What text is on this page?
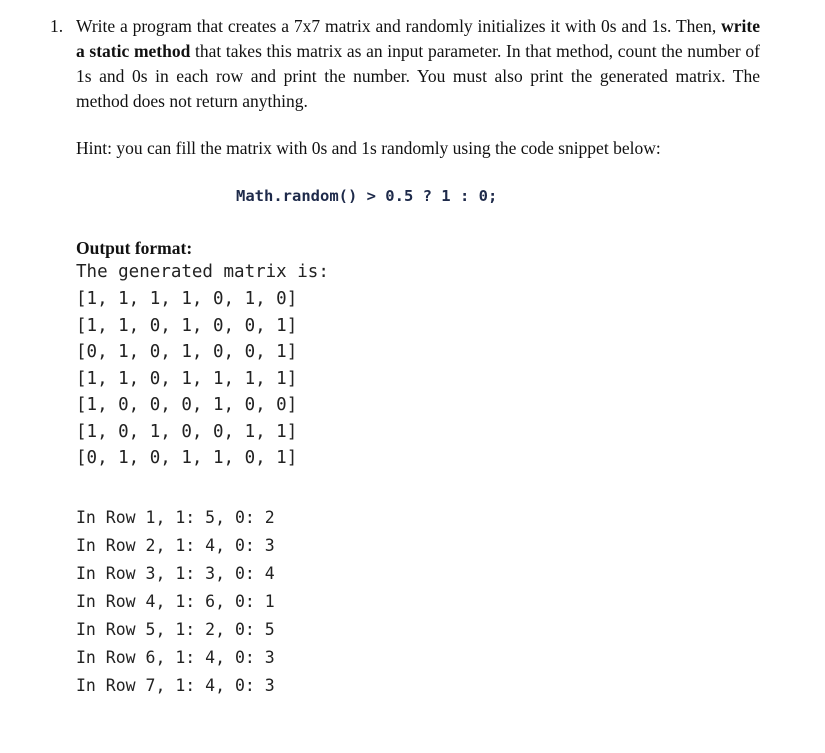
1. Write a program that creates a 7x7 matrix and randomly initializes it with 0s and 1s. Then, write a static method that takes this matrix as an input parameter. In that method, count the number of 1s and 0s in each row and print the number. You must also print the generated matrix. The method does not return anything.
Hint: you can fill the matrix with 0s and 1s randomly using the code snippet below:
Math.random() > 0.5 ? 1 : 0;
Output format:
The generated matrix is:
[1, 1, 1, 1, 0, 1, 0]
[1, 1, 0, 1, 0, 0, 1]
[0, 1, 0, 1, 0, 0, 1]
[1, 1, 0, 1, 1, 1, 1]
[1, 0, 0, 0, 1, 0, 0]
[1, 0, 1, 0, 0, 1, 1]
[0, 1, 0, 1, 1, 0, 1]
In Row 1, 1: 5, 0: 2
In Row 2, 1: 4, 0: 3
In Row 3, 1: 3, 0: 4
In Row 4, 1: 6, 0: 1
In Row 5, 1: 2, 0: 5
In Row 6, 1: 4, 0: 3
In Row 7, 1: 4, 0: 3
